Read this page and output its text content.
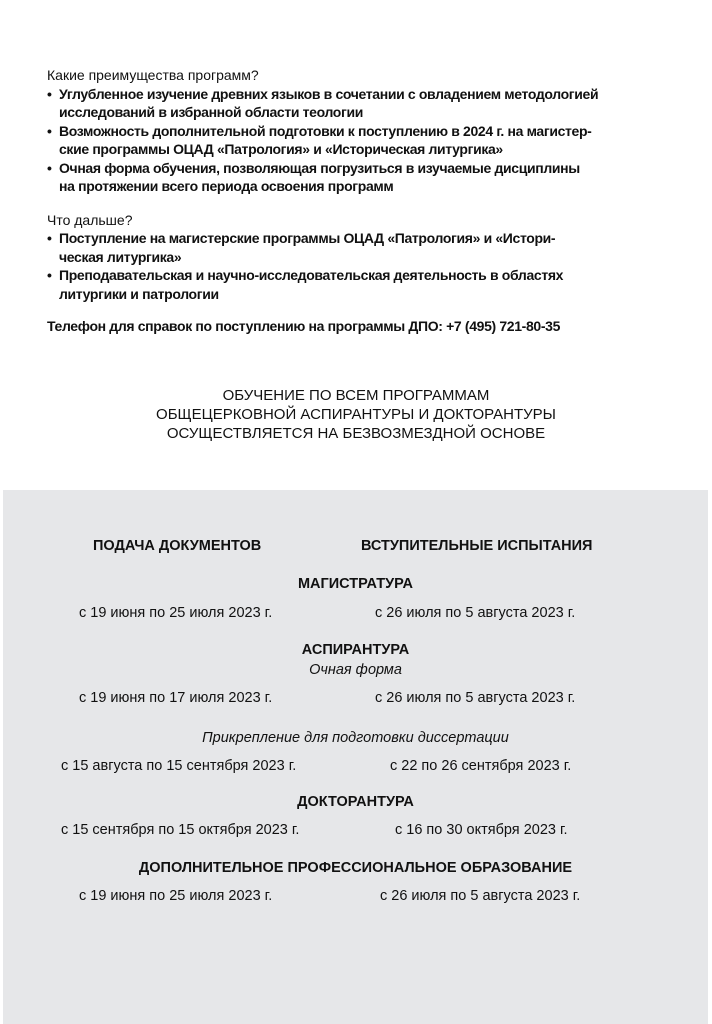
Какие преимущества программ?
• Углубленное изучение древних языков в сочетании с овладением методологией
исследований в избранной области теологии
• Возможность дополнительной подготовки к поступлению в 2024 г. на магистер-
ские программы ОЦАД «Патрология» и «Историческая литургика»
• Очная форма обучения, позволяющая погрузиться в изучаемые дисциплины
на протяжении всего периода освоения программ
Что дальше?
• Поступление на магистерские программы ОЦАД «Патрология» и «Истори-
ческая литургика»
• Преподавательская и научно-исследовательская деятельность в областях
литургики и патрологии
Телефон для справок по поступлению на программы ДПО: +7 (495) 721-80-35
ОБУЧЕНИЕ ПО ВСЕМ ПРОГРАММАМ
ОБЩЕЦЕРКОВНОЙ АСПИРАНТУРЫ И ДОКТОРАНТУРЫ
ОСУЩЕСТВЛЯЕТСЯ НА БЕЗВОЗМЕЗДНОЙ ОСНОВЕ
ПОДАЧА ДОКУМЕНТОВ	ВСТУПИТЕЛЬНЫЕ ИСПЫТАНИЯ
МАГИСТРАТУРА
с 19 июня по 25 июля 2023 г.	с 26 июля по 5 августа 2023 г.
АСПИРАНТУРА
Очная форма
с 19 июня по 17 июля 2023 г.	с 26 июля по 5 августа 2023 г.
Прикрепление для подготовки диссертации
с 15 августа по 15 сентября 2023 г.	с 22 по 26 сентября 2023 г.
ДОКТОРАНТУРА
с 15 сентября по 15 октября 2023 г.	с 16 по 30 октября 2023 г.
ДОПОЛНИТЕЛЬНОЕ ПРОФЕССИОНАЛЬНОЕ ОБРАЗОВАНИЕ
с 19 июня по 25 июля 2023 г.	с 26 июля по 5 августа 2023 г.
